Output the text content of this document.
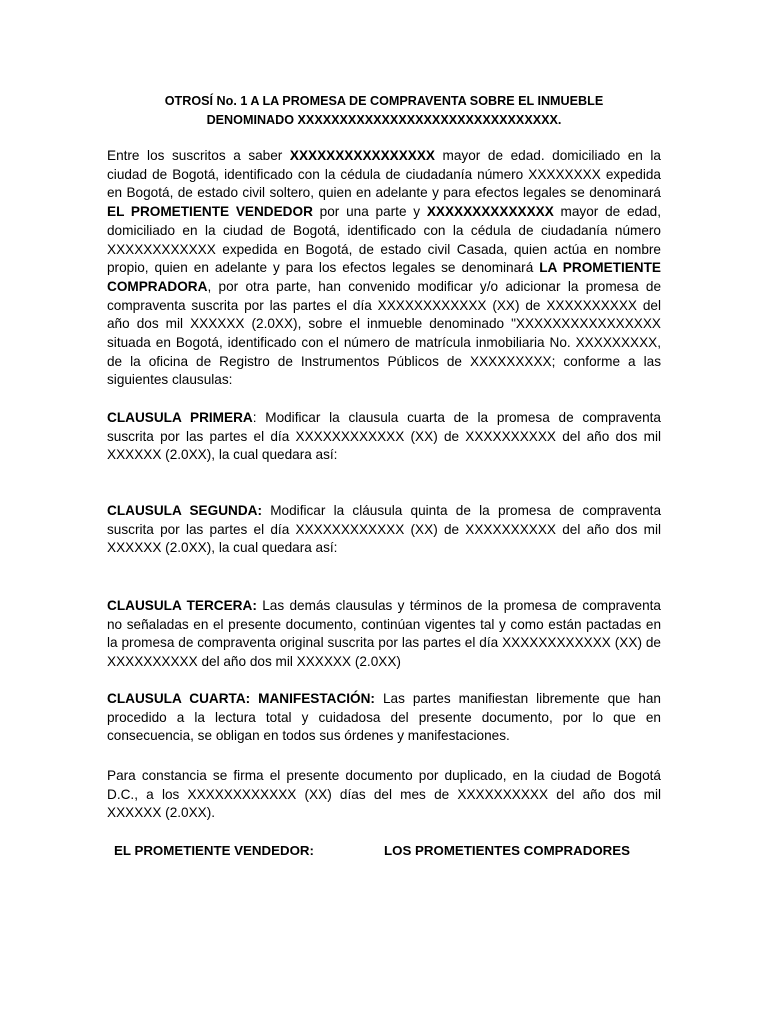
OTROSÍ No. 1 A LA PROMESA DE COMPRAVENTA SOBRE EL INMUEBLE
DENOMINADO XXXXXXXXXXXXXXXXXXXXXXXXXXXXXXX.

Entre los suscritos a saber XXXXXXXXXXXXXXXX mayor de edad. domiciliado en la ciudad de Bogotá, identificado con la cédula de ciudadanía número XXXXXXXX expedida en Bogotá, de estado civil soltero, quien en adelante y para efectos legales se denominará EL PROMETIENTE VENDEDOR por una parte y XXXXXXXXXXXXXX mayor de edad, domiciliado en la ciudad de Bogotá, identificado con la cédula de ciudadanía número XXXXXXXXXXXX expedida en Bogotá, de estado civil Casada, quien actúa en nombre propio, quien en adelante y para los efectos legales se denominará LA PROMETIENTE COMPRADORA, por otra parte, han convenido modificar y/o adicionar la promesa de compraventa suscrita por las partes el día XXXXXXXXXXXX (XX) de XXXXXXXXXX del año dos mil XXXXXX (2.0XX), sobre el inmueble denominado "XXXXXXXXXXXXXXXX situada en Bogotá, identificado con el número de matrícula inmobiliaria No. XXXXXXXXX, de la oficina de Registro de Instrumentos Públicos de XXXXXXXXX; conforme a las siguientes clausulas:

CLAUSULA PRIMERA: Modificar la clausula cuarta de la promesa de compraventa suscrita por las partes el día XXXXXXXXXXXX (XX) de XXXXXXXXXX del año dos mil XXXXXX (2.0XX), la cual quedara así:

CLAUSULA SEGUNDA: Modificar la cláusula quinta de la promesa de compraventa suscrita por las partes el día XXXXXXXXXXXX (XX) de XXXXXXXXXX del año dos mil XXXXXX (2.0XX), la cual quedara así:

CLAUSULA TERCERA: Las demás clausulas y términos de la promesa de compraventa no señaladas en el presente documento, continúan vigentes tal y como están pactadas en la promesa de compraventa original suscrita por las partes el día XXXXXXXXXXXX (XX) de XXXXXXXXXX del año dos mil XXXXXX (2.0XX)

CLAUSULA CUARTA: MANIFESTACIÓN: Las partes manifiestan libremente que han procedido a la lectura total y cuidadosa del presente documento, por lo que en consecuencia, se obligan en todos sus órdenes y manifestaciones.

Para constancia se firma el presente documento por duplicado, en la ciudad de Bogotá D.C., a los XXXXXXXXXXXX (XX) días del mes de XXXXXXXXXX del año dos mil XXXXXX (2.0XX).

EL PROMETIENTE VENDEDOR:	LOS PROMETIENTES COMPRADORES
